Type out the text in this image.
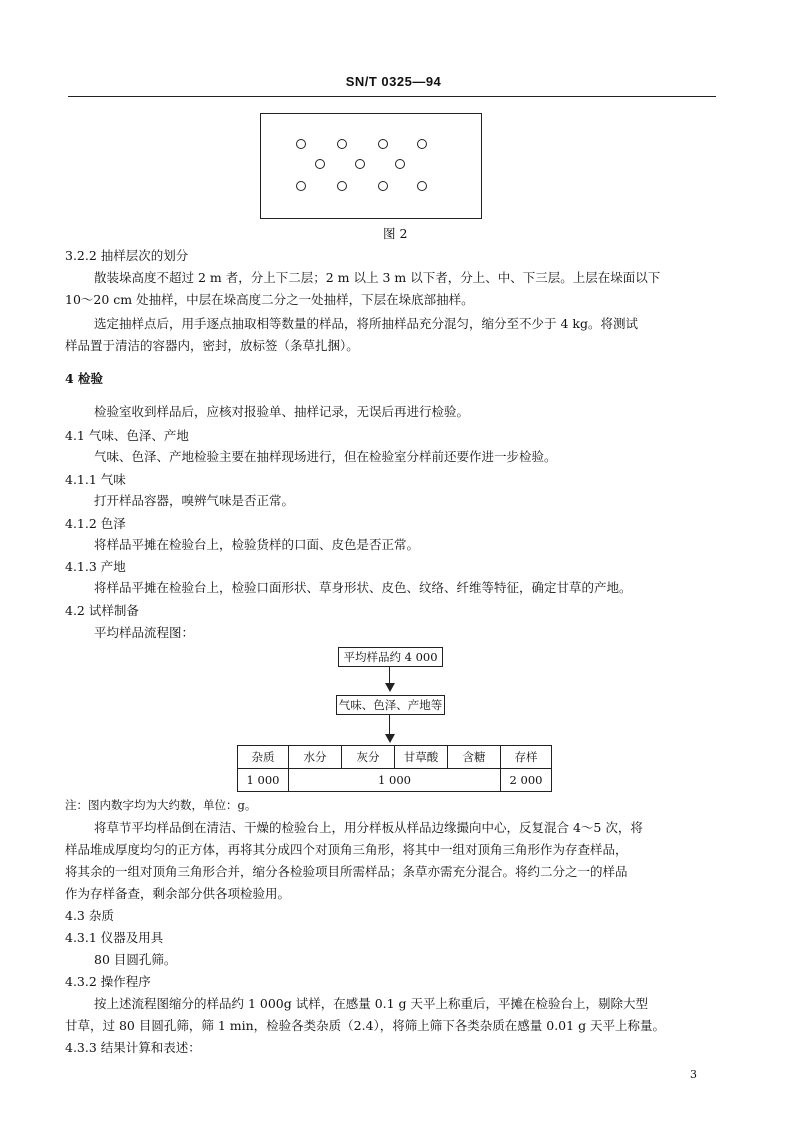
SN/T 0325—94
图 2
3.2.2 抽样层次的划分
散装垛高度不超过 2 m 者，分上下二层；2 m 以上 3 m 以下者，分上、中、下三层。上层在垛面以下
10～20 cm 处抽样，中层在垛高度二分之一处抽样，下层在垛底部抽样。
选定抽样点后，用手逐点抽取相等数量的样品，将所抽样品充分混匀，缩分至不少于 4 kg。将测试
样品置于清洁的容器内，密封，放标签（条草扎捆）。
4 检验
检验室收到样品后，应核对报验单、抽样记录，无误后再进行检验。
4.1 气味、色泽、产地
气味、色泽、产地检验主要在抽样现场进行，但在检验室分样前还要作进一步检验。
4.1.1 气味
打开样品容器，嗅辨气味是否正常。
4.1.2 色泽
将样品平摊在检验台上，检验货样的口面、皮色是否正常。
4.1.3 产地
将样品平摊在检验台上，检验口面形状、草身形状、皮色、纹络、纤维等特征，确定甘草的产地。
4.2 试样制备
平均样品流程图：
平均样品约 4 000
气味、色泽、产地等
杂质	水分	灰分	甘草酸	含糖	存样
1 000	1 000				2 000
注：图内数字均为大约数，单位：g。
将草节平均样品倒在清洁、干燥的检验台上，用分样板从样品边缘撮向中心，反复混合 4～5 次，将
样品堆成厚度均匀的正方体，再将其分成四个对顶角三角形，将其中一组对顶角三角形作为存查样品，
将其余的一组对顶角三角形合并，缩分各检验项目所需样品；条草亦需充分混合。将约二分之一的样品
作为存样备查，剩余部分供各项检验用。
4.3 杂质
4.3.1 仪器及用具
80 目圆孔筛。
4.3.2 操作程序
按上述流程图缩分的样品约 1 000g 试样，在感量 0.1 g 天平上称重后，平摊在检验台上，剔除大型
甘草，过 80 目圆孔筛，筛 1 min，检验各类杂质（2.4），将筛上筛下各类杂质在感量 0.01 g 天平上称量。
4.3.3 结果计算和表述：
3
